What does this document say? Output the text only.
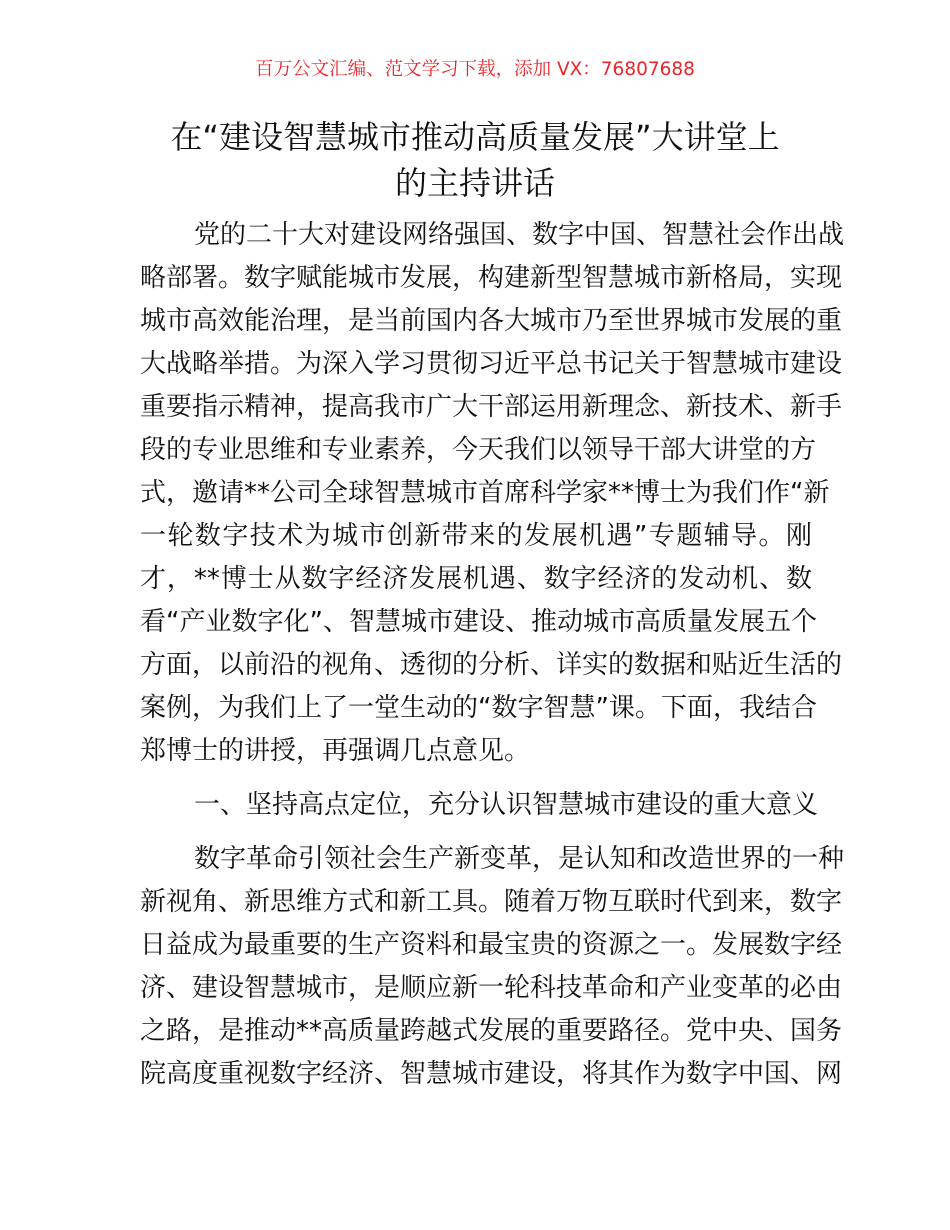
百万公文汇编、范文学习下载，添加 VX：76807688
在“建设智慧城市推动高质量发展”大讲堂上
的主持讲话
党的二十大对建设网络强国、数字中国、智慧社会作出战
略部署。数字赋能城市发展，构建新型智慧城市新格局，实现
城市高效能治理，是当前国内各大城市乃至世界城市发展的重
大战略举措。为深入学习贯彻习近平总书记关于智慧城市建设
重要指示精神，提高我市广大干部运用新理念、新技术、新手
段的专业思维和专业素养，今天我们以领导干部大讲堂的方
式，邀请**公司全球智慧城市首席科学家**博士为我们作“新
一轮数字技术为城市创新带来的发展机遇”专题辅导。刚
才，**博士从数字经济发展机遇、数字经济的发动机、数
看“产业数字化”、智慧城市建设、推动城市高质量发展五个
方面，以前沿的视角、透彻的分析、详实的数据和贴近生活的
案例，为我们上了一堂生动的“数字智慧”课。下面，我结合
郑博士的讲授，再强调几点意见。
一、坚持高点定位，充分认识智慧城市建设的重大意义
数字革命引领社会生产新变革，是认知和改造世界的一种
新视角、新思维方式和新工具。随着万物互联时代到来，数字
日益成为最重要的生产资料和最宝贵的资源之一。发展数字经
济、建设智慧城市，是顺应新一轮科技革命和产业变革的必由
之路，是推动**高质量跨越式发展的重要路径。党中央、国务
院高度重视数字经济、智慧城市建设，将其作为数字中国、网
